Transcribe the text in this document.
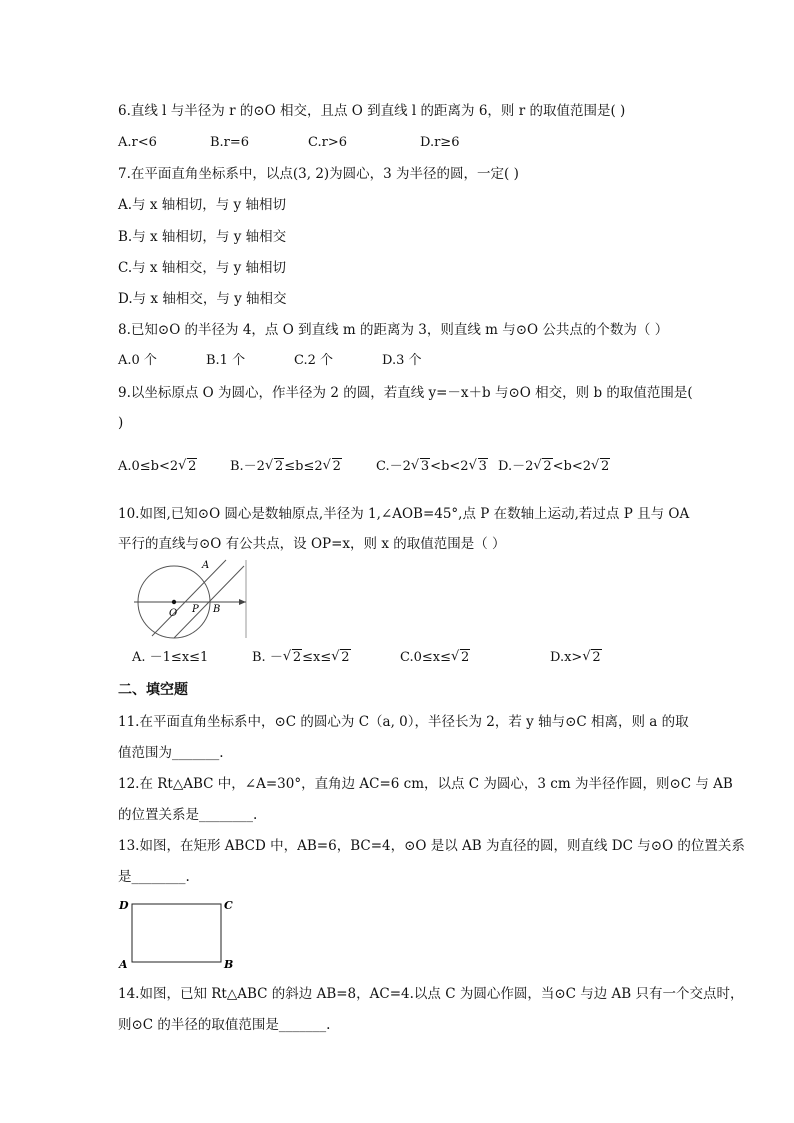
6.直线 l 与半径为 r 的⊙O 相交，且点 O 到直线 l 的距离为 6，则 r 的取值范围是( )
A.r<6	B.r=6	C.r>6	D.r≥6
7.在平面直角坐标系中，以点(3, 2)为圆心，3 为半径的圆，一定( )
A.与 x 轴相切，与 y 轴相切
B.与 x 轴相切，与 y 轴相交
C.与 x 轴相交，与 y 轴相切
D.与 x 轴相交，与 y 轴相交
8.已知⊙O 的半径为 4，点 O 到直线 m 的距离为 3，则直线 m 与⊙O 公共点的个数为（ ）
A.0 个	B.1 个	C.2 个	D.3 个
9.以坐标原点 O 为圆心，作半径为 2 的圆，若直线 y=－x＋b 与⊙O 相交，则 b 的取值范围是(
)
A.0≤b<2 √ 2	B.－2 √ 2≤b≤2 √ 2	C.－2 √ 3<b<2 √ 3 D.－2 √ 2<b<2 √ 2
10.如图,已知⊙O 圆心是数轴原点,半径为 1,∠AOB=45°,点 P 在数轴上运动,若过点 P 且与 OA
平行的直线与⊙O 有公共点，设 OP=x，则 x 的取值范围是（ ）
A
O P B
A. －1≤x≤1	B. － √ 2≤x≤ √ 2	C.0≤x≤ √ 2	D.x> √ 2
二、填空题
11.在平面直角坐标系中，⊙C 的圆心为 C（a, 0），半径长为 2，若 y 轴与⊙C 相离，则 a 的取
值范围为_______.
12.在 Rt△ABC 中，∠A=30°，直角边 AC=6 cm，以点 C 为圆心，3 cm 为半径作圆，则⊙C 与 AB
的位置关系是________.
13.如图，在矩形 ABCD 中，AB=6，BC=4，⊙O 是以 AB 为直径的圆，则直线 DC 与⊙O 的位置关系
是________.
D	C
A	B
14.如图，已知 Rt△ABC 的斜边 AB=8，AC=4.以点 C 为圆心作圆，当⊙C 与边 AB 只有一个交点时，
则⊙C 的半径的取值范围是_______.
